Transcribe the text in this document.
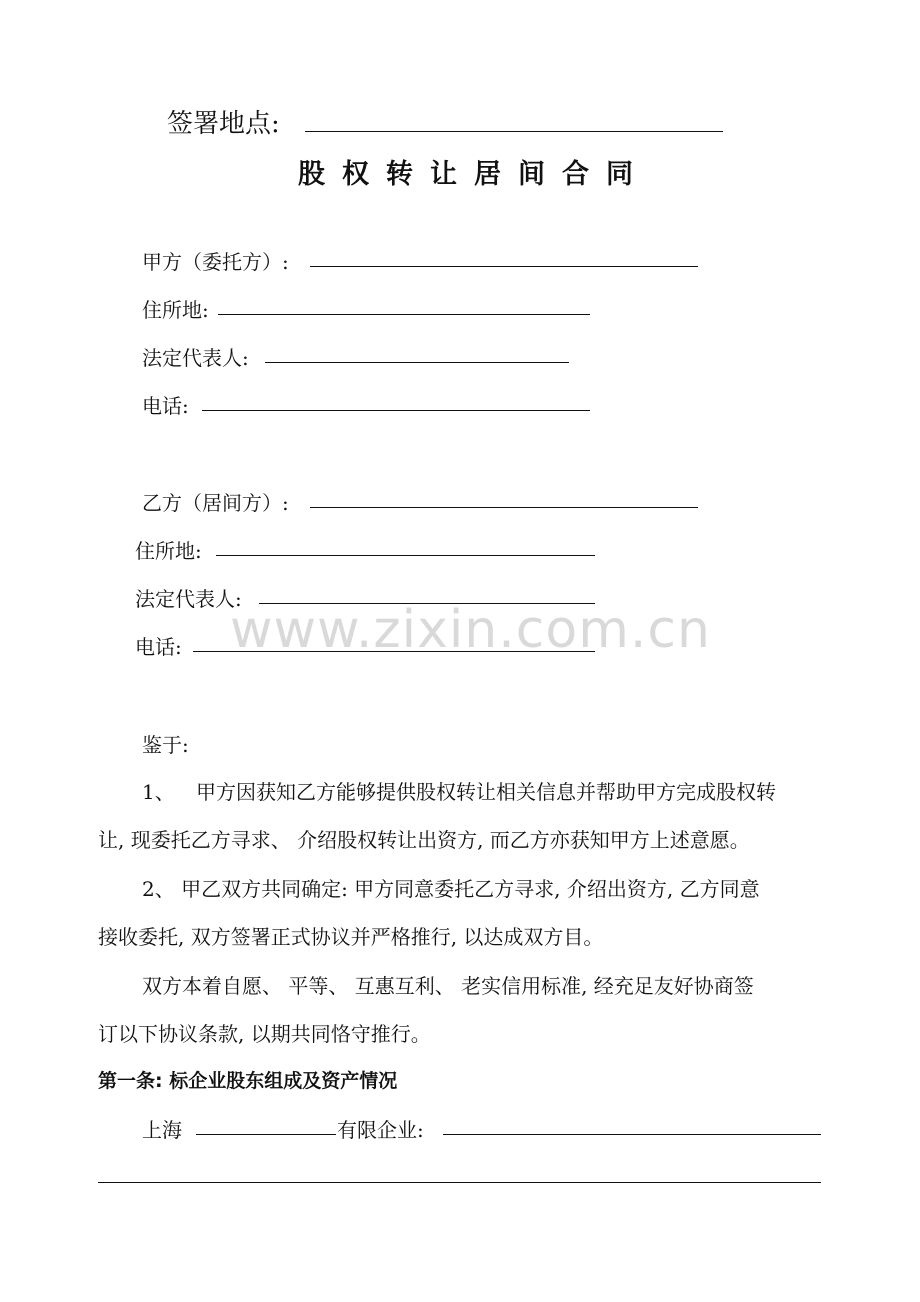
签署地点:
股权转让居间合同
甲方（委托方）:
住所地:
法定代表人:
电话:
乙方（居间方）:
住所地:
法定代表人:
电话: www.zixin.com.cn
鉴于:
1、 甲方因获知乙方能够提供股权转让相关信息并帮助甲方完成股权转
让, 现委托乙方寻求、 介绍股权转让出资方, 而乙方亦获知甲方上述意愿。
2、 甲乙双方共同确定: 甲方同意委托乙方寻求, 介绍出资方, 乙方同意
接收委托, 双方签署正式协议并严格推行, 以达成双方目。
双方本着自愿、 平等、 互惠互利、 老实信用标准, 经充足友好协商签
订以下协议条款, 以期共同恪守推行。
第一条: 标企业股东组成及资产情况
上海	有限企业:
